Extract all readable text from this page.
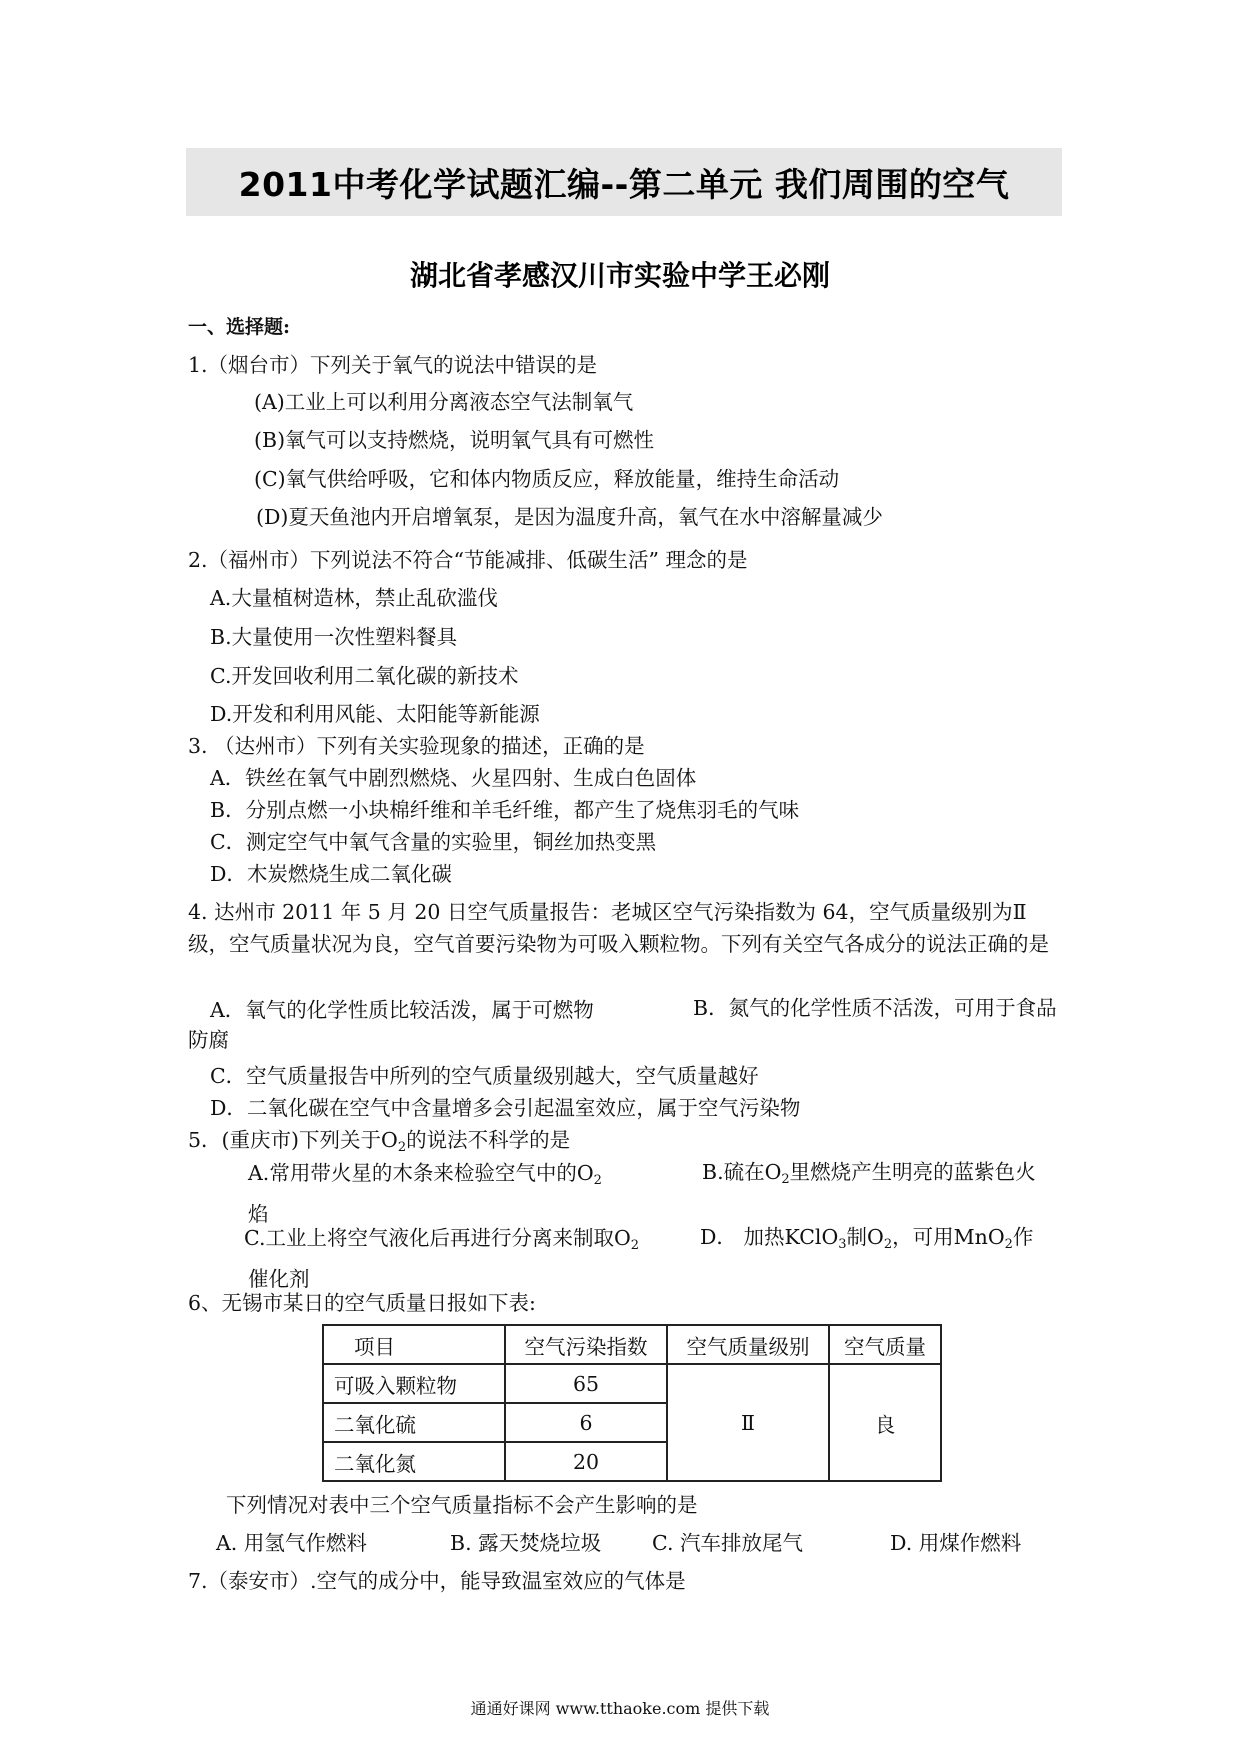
2011中考化学试题汇编--第二单元 我们周围的空气
湖北省孝感汉川市实验中学王必刚
一、选择题:
1.（烟台市）下列关于氧气的说法中错误的是
(A)工业上可以利用分离液态空气法制氧气
(B)氧气可以支持燃烧，说明氧气具有可燃性
(C)氧气供给呼吸，它和体内物质反应，释放能量，维持生命活动
(D)夏天鱼池内开启增氧泵，是因为温度升高，氧气在水中溶解量减少
2.（福州市）下列说法不符合“节能减排、低碳生活” 理念的是
A.大量植树造林，禁止乱砍滥伐
B.大量使用一次性塑料餐具
C.开发回收利用二氧化碳的新技术
D.开发和利用风能、太阳能等新能源
3. （达州市）下列有关实验现象的描述，正确的是
A．铁丝在氧气中剧烈燃烧、火星四射、生成白色固体
B．分别点燃一小块棉纤维和羊毛纤维，都产生了烧焦羽毛的气味
C．测定空气中氧气含量的实验里，铜丝加热变黑
D．木炭燃烧生成二氧化碳
4. 达州市 2011 年 5 月 20 日空气质量报告：老城区空气污染指数为 64，空气质量级别为Ⅱ级，空气质量状况为良，空气首要污染物为可吸入颗粒物。下列有关空气各成分的说法正确的是
A．氧气的化学性质比较活泼，属于可燃物	B．氮气的化学性质不活泼，可用于食品防腐
C．空气质量报告中所列的空气质量级别越大，空气质量越好
D．二氧化碳在空气中含量增多会引起温室效应，属于空气污染物
5．(重庆市)下列关于$O_2$的说法不科学的是
A.常用带火星的木条来检验空气中的$O_2$	B.硫在$O_2$里燃烧产生明亮的蓝紫色火焰
C.工业上将空气液化后再进行分离来制取$O_2$	D． 加热KClO$_3$制$O_2$，可用MnO$_2$作催化剂
6、无锡市某日的空气质量日报如下表:
项目	空气污染指数	空气质量级别	空气质量
可吸入颗粒物	65	Ⅱ	良
二氧化硫	6		
二氧化氮	20		
下列情况对表中三个空气质量指标不会产生影响的是
A. 用氢气作燃料	B. 露天焚烧垃圾 C. 汽车排放尾气	D. 用煤作燃料
7.（泰安市）.空气的成分中，能导致温室效应的气体是
通通好课网 www.tthaoke.com 提供下载
